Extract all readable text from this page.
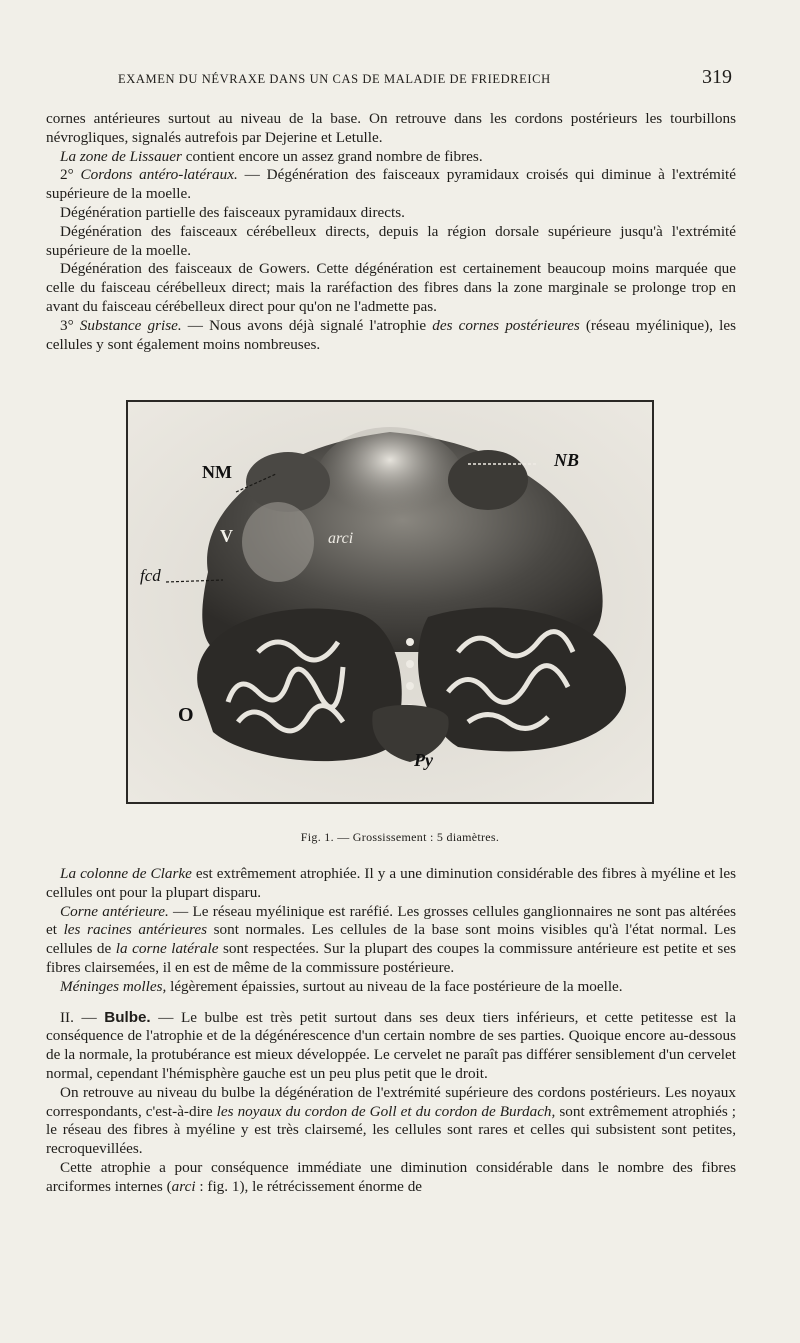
EXAMEN DU NÉVRAXE DANS UN CAS DE MALADIE DE FRIEDREICH	319

cornes antérieures surtout au niveau de la base. On retrouve dans les cordons postérieurs les tourbillons névrogliques, signalés autrefois par Dejerine et Letulle.

La zone de Lissauer contient encore un assez grand nombre de fibres.

2° Cordons antéro-latéraux. — Dégénération des faisceaux pyramidaux croisés qui diminue à l'extrémité supérieure de la moelle.

Dégénération partielle des faisceaux pyramidaux directs.

Dégénération des faisceaux cérébelleux directs, depuis la région dorsale supérieure jusqu'à l'extrémité supérieure de la moelle.

Dégénération des faisceaux de Gowers. Cette dégénération est certainement beaucoup moins marquée que celle du faisceau cérébelleux direct; mais la raréfaction des fibres dans la zone marginale se prolonge trop en avant du faisceau cérébelleux direct pour qu'on ne l'admette pas.

3° Substance grise. — Nous avons déjà signalé l'atrophie des cornes postérieures (réseau myélinique), les cellules y sont également moins nombreuses.

NM
NB
V
fcd
arci
O
Py
Fig. 1. — Grossissement : 5 diamètres.

La colonne de Clarke est extrêmement atrophiée. Il y a une diminution considérable des fibres à myéline et les cellules ont pour la plupart disparu.

Corne antérieure. — Le réseau myélinique est raréfié. Les grosses cellules ganglionnaires ne sont pas altérées et les racines antérieures sont normales. Les cellules de la base sont moins visibles qu'à l'état normal. Les cellules de la corne latérale sont respectées. Sur la plupart des coupes la commissure antérieure est petite et ses fibres clairsemées, il en est de même de la commissure postérieure.

Méninges molles, légèrement épaissies, surtout au niveau de la face postérieure de la moelle.

II. — Bulbe. — Le bulbe est très petit surtout dans ses deux tiers inférieurs, et cette petitesse est la conséquence de l'atrophie et de la dégénérescence d'un certain nombre de ses parties. Quoique encore au-dessous de la normale, la protubérance est mieux développée. Le cervelet ne paraît pas différer sensiblement d'un cervelet normal, cependant l'hémisphère gauche est un peu plus petit que le droit.

On retrouve au niveau du bulbe la dégénération de l'extrémité supérieure des cordons postérieurs. Les noyaux correspondants, c'est-à-dire les noyaux du cordon de Goll et du cordon de Burdach, sont extrêmement atrophiés ; le réseau des fibres à myéline y est très clairsemé, les cellules sont rares et celles qui subsistent sont petites, recroquevillées.

Cette atrophie a pour conséquence immédiate une diminution considérable dans le nombre des fibres arciformes internes (arci : fig. 1), le rétrécissement énorme de
